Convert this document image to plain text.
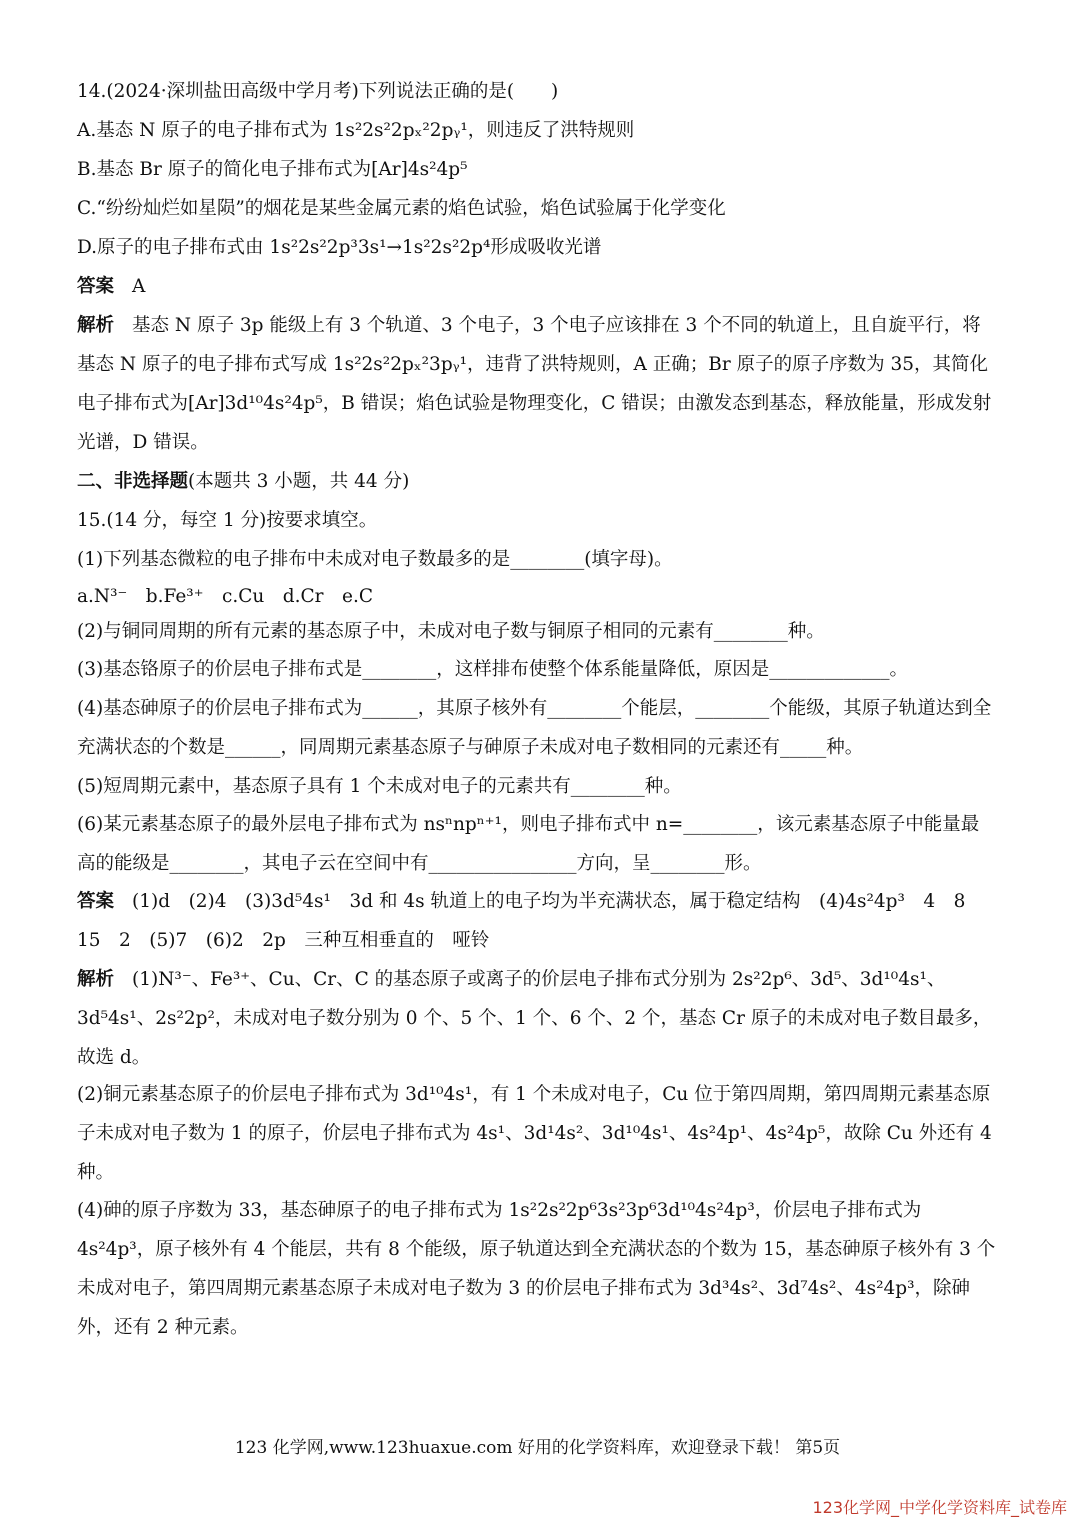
14.(2024·深圳盐田高级中学月考)下列说法正确的是(　　)
A.基态 N 原子的电子排布式为 1s²2s²2pₓ²2pᵧ¹，则违反了洪特规则
B.基态 Br 原子的简化电子排布式为[Ar]4s²4p⁵
C.“纷纷灿烂如星陨”的烟花是某些金属元素的焰色试验，焰色试验属于化学变化
D.原子的电子排布式由 1s²2s²2p³3s¹→1s²2s²2p⁴形成吸收光谱
答案 A
解析 基态 N 原子 3p 能级上有 3 个轨道、3 个电子，3 个电子应该排在 3 个不同的轨道上，且自旋平行，将基态 N 原子的电子排布式写成 1s²2s²2pₓ²3pᵧ¹，违背了洪特规则，A 正确；Br 原子的原子序数为 35，其简化电子排布式为[Ar]3d¹⁰4s²4p⁵，B 错误；焰色试验是物理变化，C 错误；由激发态到基态，释放能量，形成发射光谱，D 错误。
二、非选择题(本题共 3 小题，共 44 分)
15.(14 分，每空 1 分)按要求填空。
(1)下列基态微粒的电子排布中未成对电子数最多的是________(填字母)。
a.N³⁻　b.Fe³⁺　c.Cu　d.Cr　e.C
(2)与铜同周期的所有元素的基态原子中，未成对电子数与铜原子相同的元素有________种。
(3)基态铬原子的价层电子排布式是________，这样排布使整个体系能量降低，原因是_____________。
(4)基态砷原子的价层电子排布式为______，其原子核外有________个能层，________个能级，其原子轨道达到全充满状态的个数是______，同周期元素基态原子与砷原子未成对电子数相同的元素还有_____种。
(5)短周期元素中，基态原子具有 1 个未成对电子的元素共有________种。
(6)某元素基态原子的最外层电子排布式为 nsⁿnpⁿ⁺¹，则电子排布式中 n=________，该元素基态原子中能量最高的能级是________，其电子云在空间中有________________方向，呈________形。
答案 (1)d　(2)4　(3)3d⁵4s¹　3d 和 4s 轨道上的电子均为半充满状态，属于稳定结构　(4)4s²4p³　4　8　15　2　(5)7　(6)2　2p　三种互相垂直的　哑铃
解析 (1)N³⁻、Fe³⁺、Cu、Cr、C 的基态原子或离子的价层电子排布式分别为 2s²2p⁶、3d⁵、3d¹⁰4s¹、3d⁵4s¹、2s²2p²，未成对电子数分别为 0 个、5 个、1 个、6 个、2 个，基态 Cr 原子的未成对电子数目最多，故选 d。
(2)铜元素基态原子的价层电子排布式为 3d¹⁰4s¹，有 1 个未成对电子，Cu 位于第四周期，第四周期元素基态原子未成对电子数为 1 的原子，价层电子排布式为 4s¹、3d¹4s²、3d¹⁰4s¹、4s²4p¹、4s²4p⁵，故除 Cu 外还有 4 种。
(4)砷的原子序数为 33，基态砷原子的电子排布式为 1s²2s²2p⁶3s²3p⁶3d¹⁰4s²4p³，价层电子排布式为 4s²4p³，原子核外有 4 个能层，共有 8 个能级，原子轨道达到全充满状态的个数为 15，基态砷原子核外有 3 个未成对电子，第四周期元素基态原子未成对电子数为 3 的价层电子排布式为 3d³4s²、3d⁷4s²、4s²4p³，除砷外，还有 2 种元素。
123 化学网,www.123huaxue.com 好用的化学资料库，欢迎登录下载！ 第5页
123化学网_中学化学资料库_试卷库
